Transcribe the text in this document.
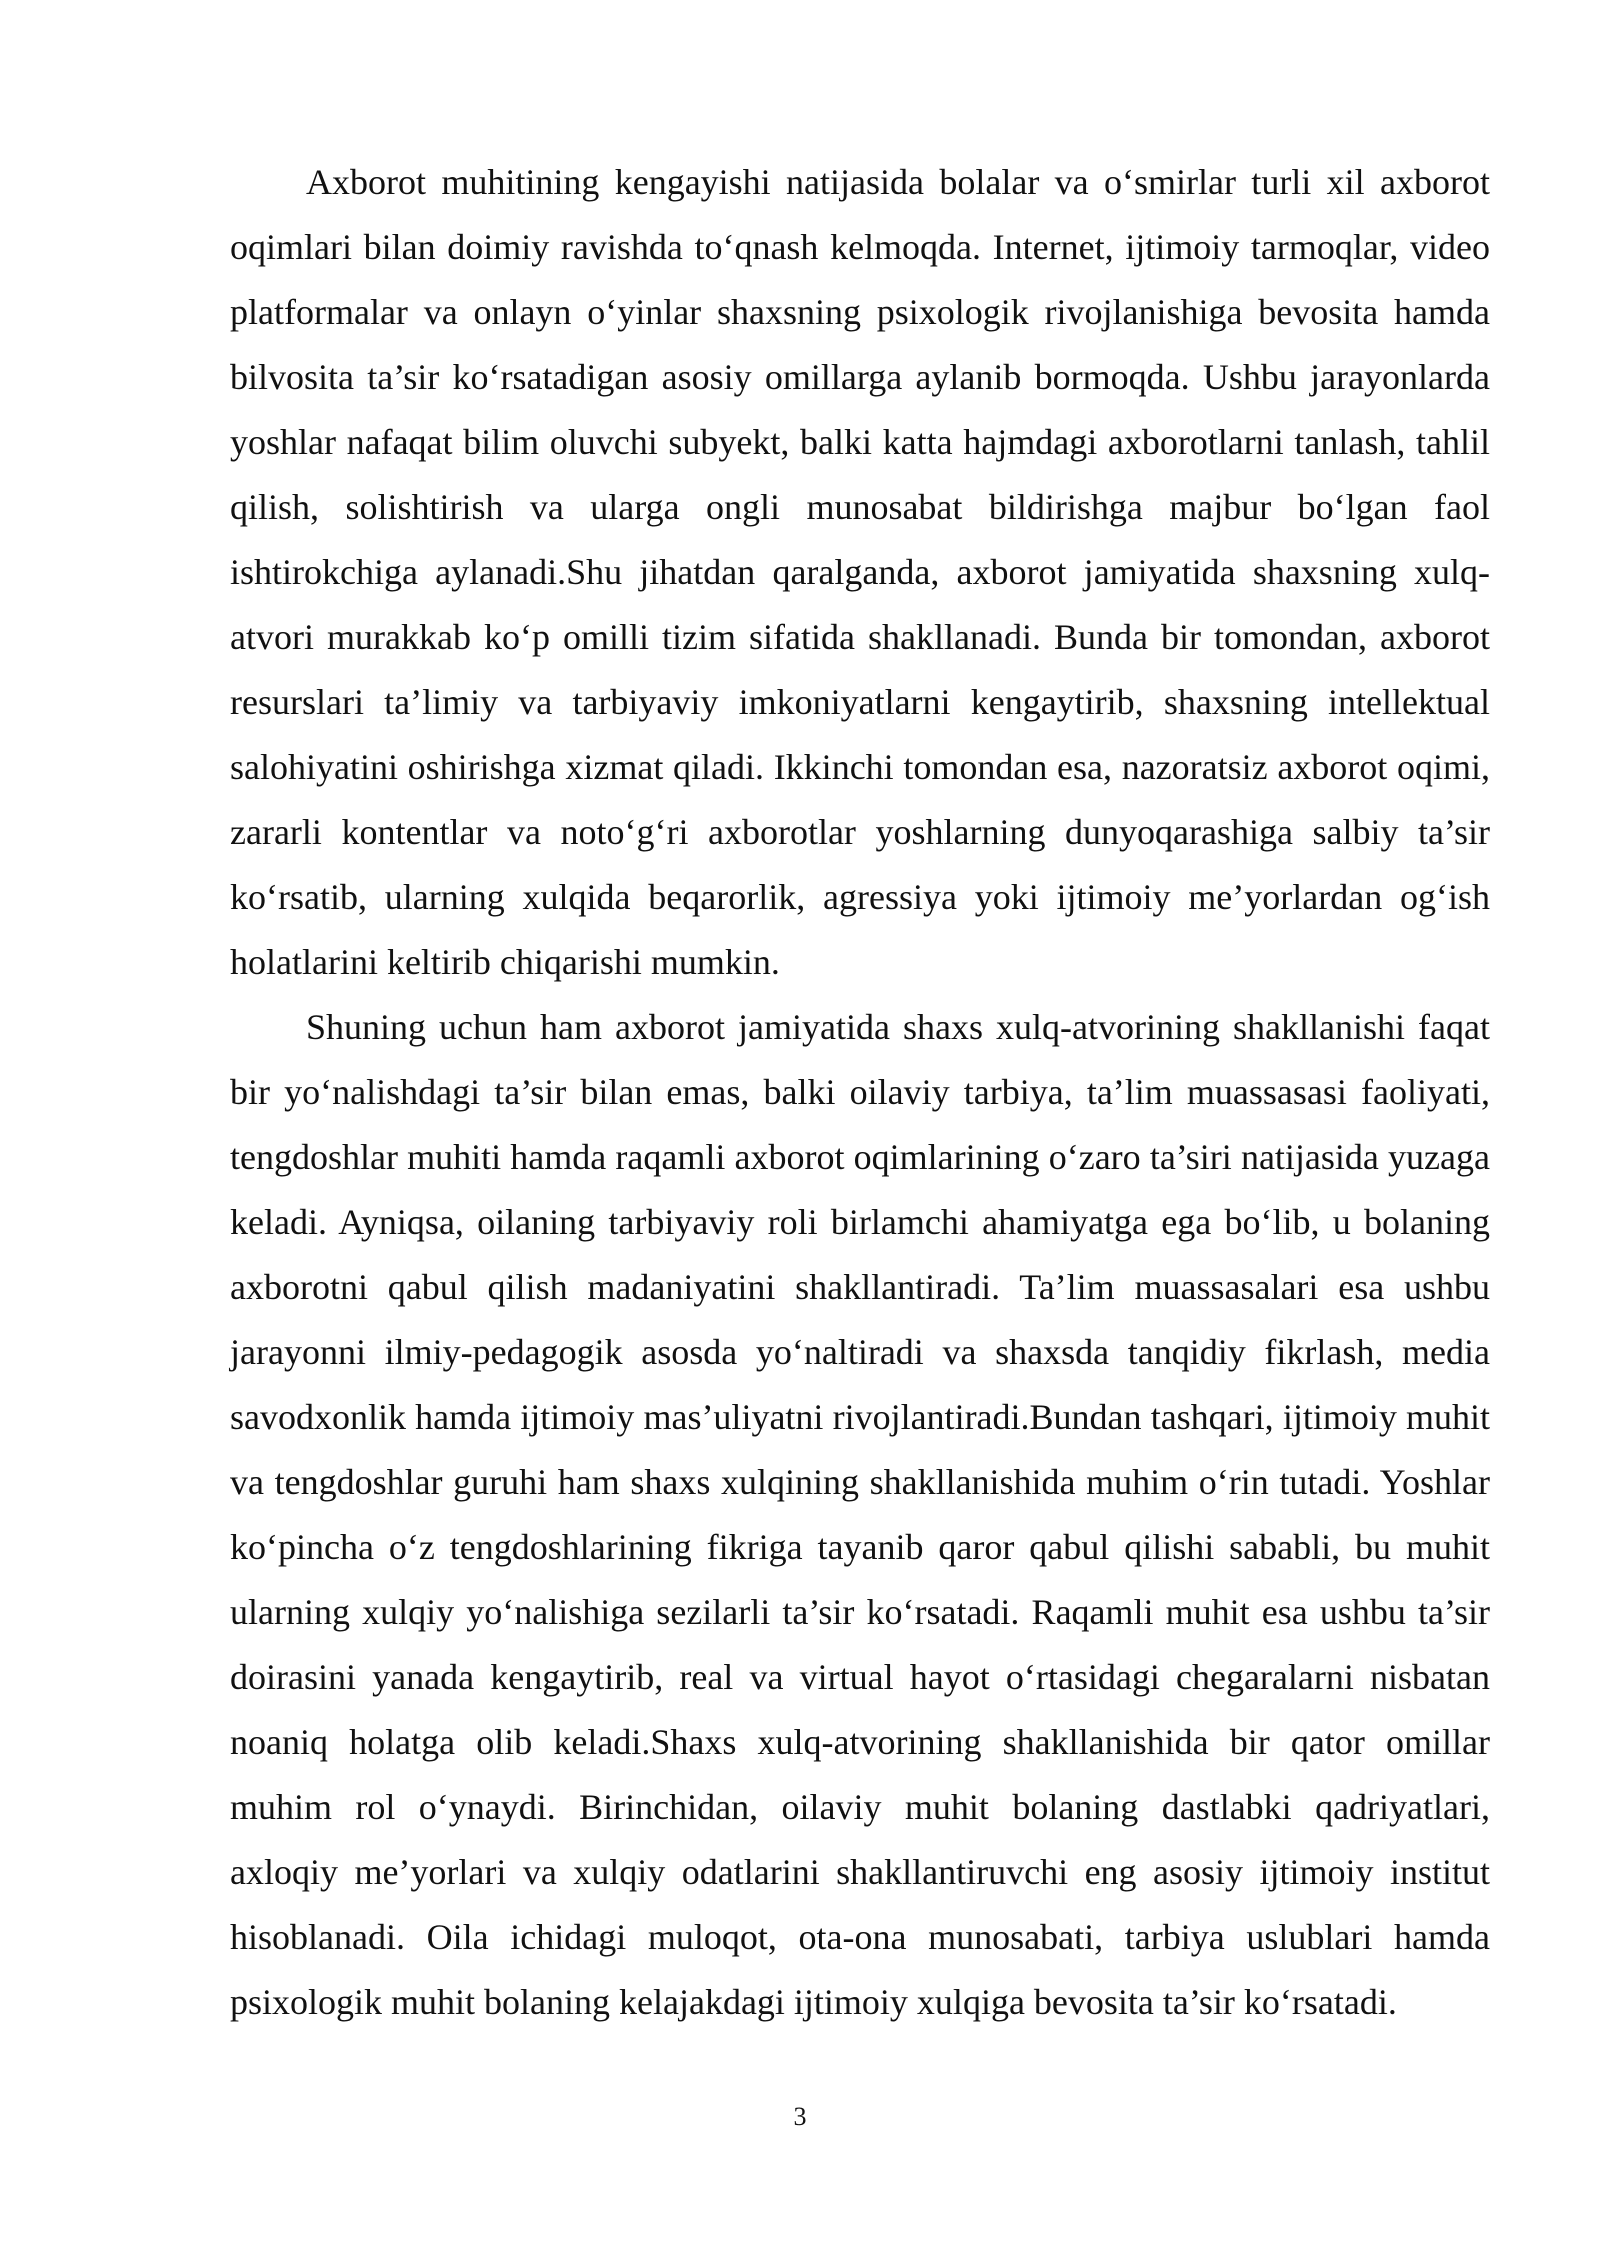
Axborot muhitining kengayishi natijasida bolalar va o‘smirlar turli xil axborot oqimlari bilan doimiy ravishda to‘qnash kelmoqda. Internet, ijtimoiy tarmoqlar, video platformalar va onlayn o‘yinlar shaxsning psixologik rivojlanishiga bevosita hamda bilvosita ta’sir ko‘rsatadigan asosiy omillarga aylanib bormoqda. Ushbu jarayonlarda yoshlar nafaqat bilim oluvchi subyekt, balki katta hajmdagi axborotlarni tanlash, tahlil qilish, solishtirish va ularga ongli munosabat bildirishga majbur bo‘lgan faol ishtirokchiga aylanadi.Shu jihatdan qaralganda, axborot jamiyatida shaxsning xulq-atvori murakkab ko‘p omilli tizim sifatida shakllanadi. Bunda bir tomondan, axborot resurslari ta’limiy va tarbiyaviy imkoniyatlarni kengaytirib, shaxsning intellektual salohiyatini oshirishga xizmat qiladi. Ikkinchi tomondan esa, nazoratsiz axborot oqimi, zararli kontentlar va noto‘g‘ri axborotlar yoshlarning dunyoqarashiga salbiy ta’sir ko‘rsatib, ularning xulqida beqarorlik, agressiya yoki ijtimoiy me’yorlardan og‘ish holatlarini keltirib chiqarishi mumkin.

Shuning uchun ham axborot jamiyatida shaxs xulq-atvorining shakllanishi faqat bir yo‘nalishdagi ta’sir bilan emas, balki oilaviy tarbiya, ta’lim muassasasi faoliyati, tengdoshlar muhiti hamda raqamli axborot oqimlarining o‘zaro ta’siri natijasida yuzaga keladi. Ayniqsa, oilaning tarbiyaviy roli birlamchi ahamiyatga ega bo‘lib, u bolaning axborotni qabul qilish madaniyatini shakllantiradi. Ta’lim muassasalari esa ushbu jarayonni ilmiy-pedagogik asosda yo‘naltiradi va shaxsda tanqidiy fikrlash, media savodxonlik hamda ijtimoiy mas’uliyatni rivojlantiradi.Bundan tashqari, ijtimoiy muhit va tengdoshlar guruhi ham shaxs xulqining shakllanishida muhim o‘rin tutadi. Yoshlar ko‘pincha o‘z tengdoshlarining fikriga tayanib qaror qabul qilishi sababli, bu muhit ularning xulqiy yo‘nalishiga sezilarli ta’sir ko‘rsatadi. Raqamli muhit esa ushbu ta’sir doirasini yanada kengaytirib, real va virtual hayot o‘rtasidagi chegaralarni nisbatan noaniq holatga olib keladi.Shaxs xulq-atvorining shakllanishida bir qator omillar muhim rol o‘ynaydi. Birinchidan, oilaviy muhit bolaning dastlabki qadriyatlari, axloqiy me’yorlari va xulqiy odatlarini shakllantiruvchi eng asosiy ijtimoiy institut hisoblanadi. Oila ichidagi muloqot, ota-ona munosabati, tarbiya uslublari hamda psixologik muhit bolaning kelajakdagi ijtimoiy xulqiga bevosita ta’sir ko‘rsatadi.

3
